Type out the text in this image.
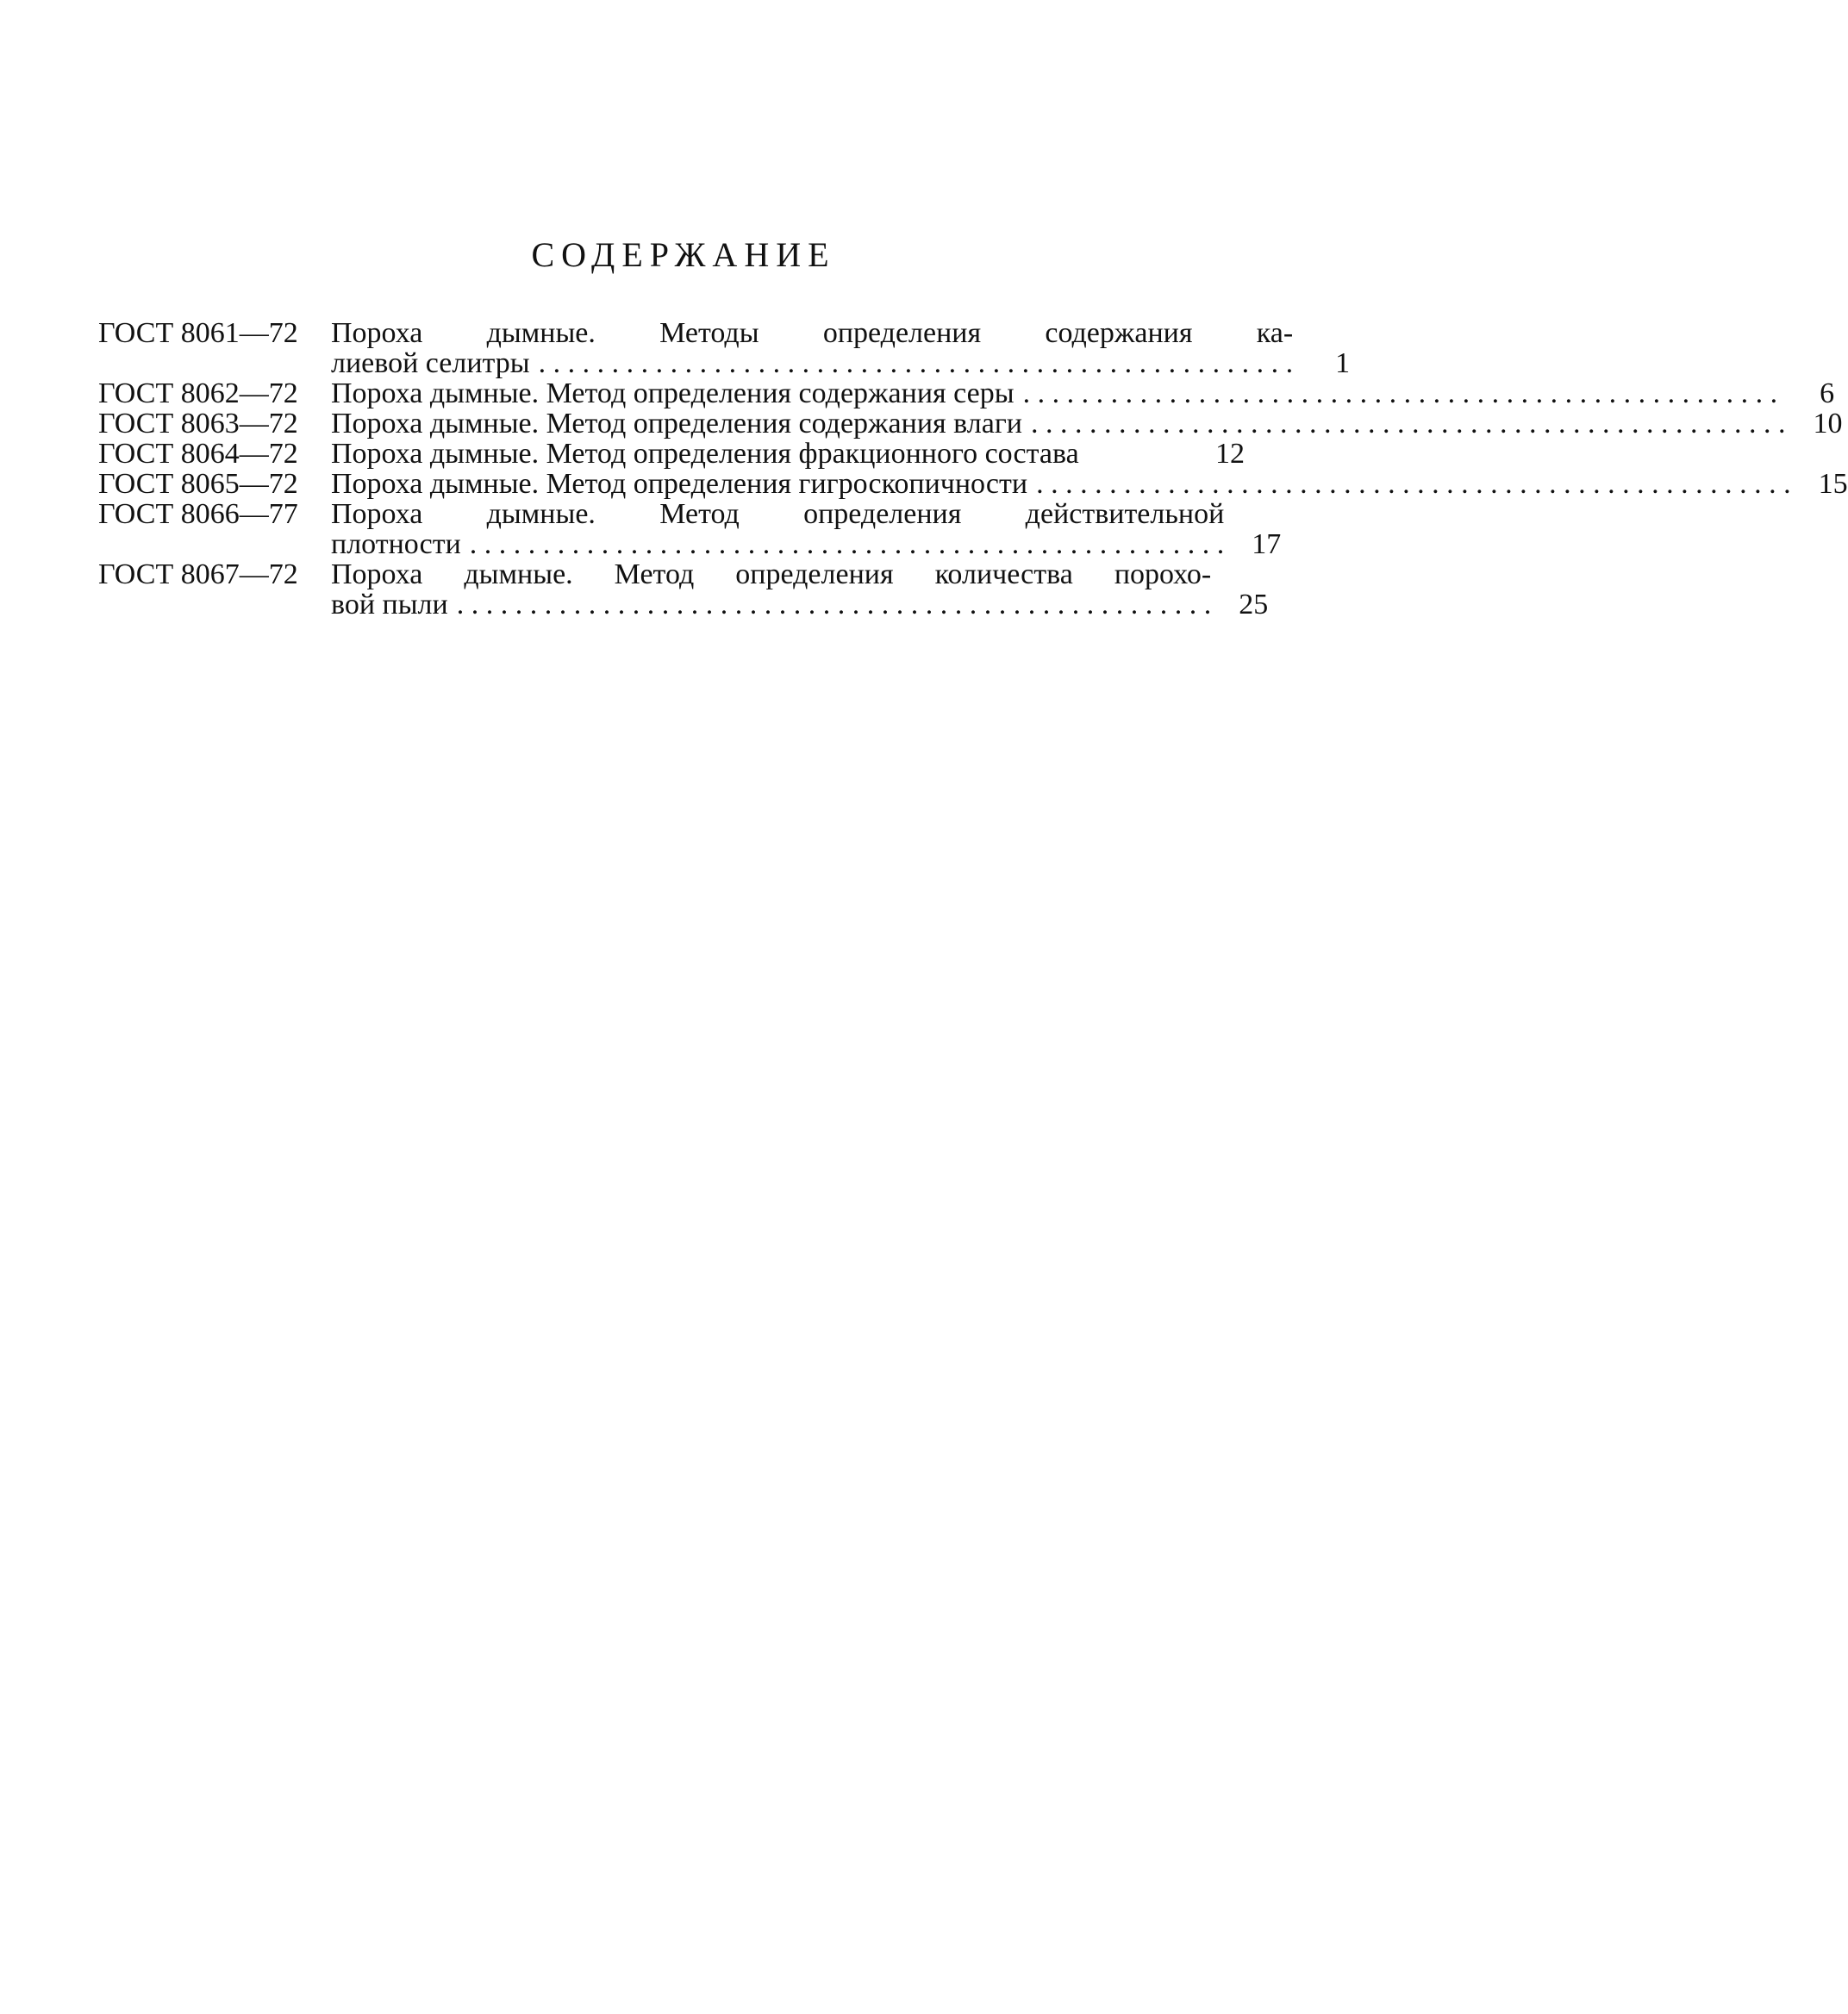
СОДЕРЖАНИЕ
ГОСТ 8061—72	Пороха дымные. Методы определения содержания ка-
лиевой селитры . . . . . . . . . . . . . . . . . . . . . . . . . . . . . . . . . . . . . . . . . . . . . . . . . . . .	1
ГОСТ 8062—72	Пороха дымные. Метод определения содержания серы . . . . . . . . . . . . . . . . . . . . . . . . . . . . . . . . . . . . . . . . . . . . . . . . . . . .	6
ГОСТ 8063—72	Пороха дымные. Метод определения содержания влаги . . . . . . . . . . . . . . . . . . . . . . . . . . . . . . . . . . . . . . . . . . . . . . . . . . . . 10
ГОСТ 8064—72	Пороха дымные. Метод определения фракционного состава	12
ГОСТ 8065—72	Пороха дымные. Метод определения гигроскопичности . . . . . . . . . . . . . . . . . . . . . . . . . . . . . . . . . . . . . . . . . . . . . . . . . . . . 15
ГОСТ 8066—77	Пороха дымные. Метод определения действительной
плотности . . . . . . . . . . . . . . . . . . . . . . . . . . . . . . . . . . . . . . . . . . . . . . . . . . . . 17
ГОСТ 8067—72	Пороха дымные. Метод определения количества порохо-
вой пыли . . . . . . . . . . . . . . . . . . . . . . . . . . . . . . . . . . . . . . . . . . . . . . . . . . . . 25
